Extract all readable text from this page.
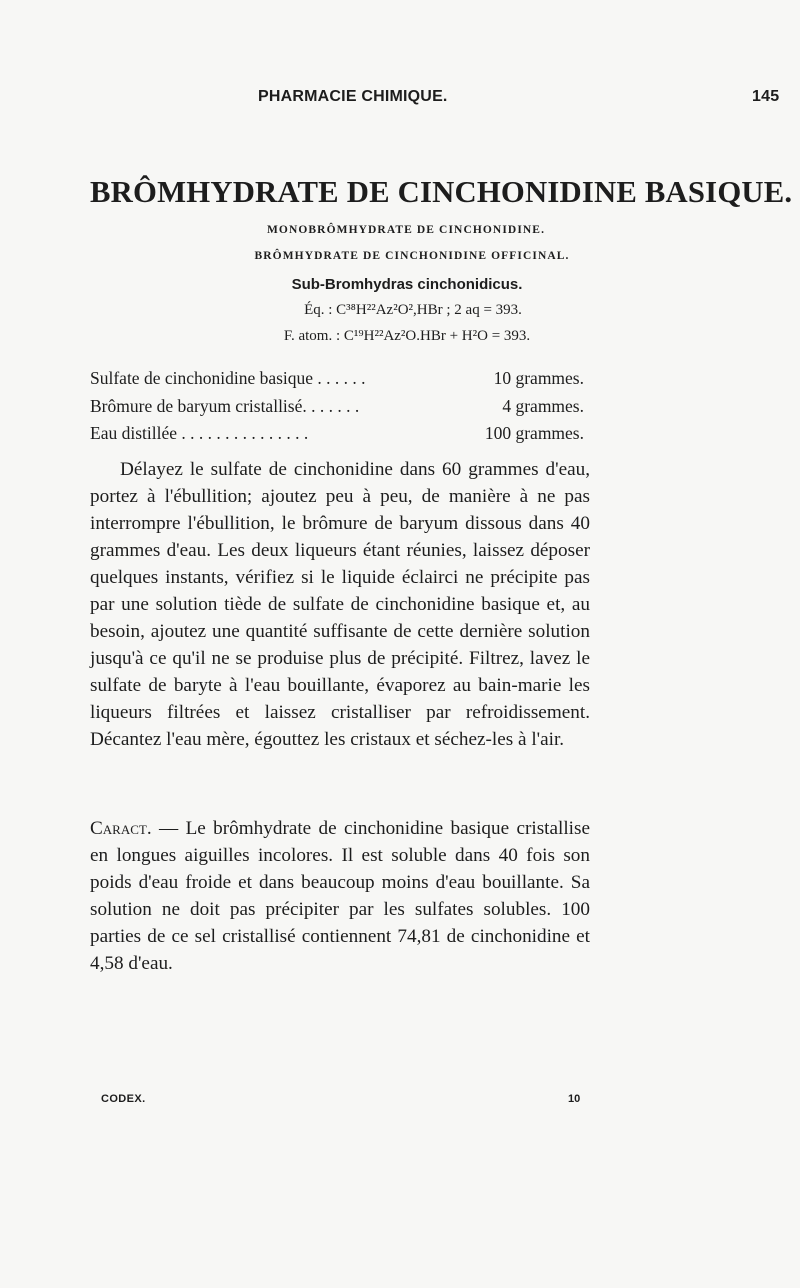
PHARMACIE CHIMIQUE.	145
BRÔMHYDRATE DE CINCHONIDINE BASIQUE.
MONOBRÔMHYDRATE DE CINCHONIDINE.
BRÔMHYDRATE DE CINCHONIDINE OFFICINAL.
Sub-Bromhydras cinchonidicus.
Éq. : C³⁸H²²Az²O²,HBr ; 2 aq = 393.
F. atom. : C¹⁹H²²Az²O.HBr + H²O = 393.
Sulfate de cinchonidine basique . . . . . .	10 grammes.
Brômure de baryum cristallisé. . . . . . .	4 grammes.
Eau distillée . . . . . . . . . . . . . . .	100 grammes.

Délayez le sulfate de cinchonidine dans 60 grammes d'eau, portez à l'ébullition; ajoutez peu à peu, de manière à ne pas interrompre l'ébullition, le brômure de baryum dissous dans 40 grammes d'eau. Les deux liqueurs étant réunies, laissez déposer quelques instants, vérifiez si le liquide éclairci ne précipite pas par une solution tiède de sulfate de cinchonidine basique et, au besoin, ajoutez une quantité suffisante de cette dernière solution jusqu'à ce qu'il ne se produise plus de précipité. Filtrez, lavez le sulfate de baryte à l'eau bouillante, évaporez au bain-marie les liqueurs filtrées et laissez cristalliser par refroidissement. Décantez l'eau mère, égouttez les cristaux et séchez-les à l'air.

Caract. — Le brômhydrate de cinchonidine basique cristallise en longues aiguilles incolores. Il est soluble dans 40 fois son poids d'eau froide et dans beaucoup moins d'eau bouillante. Sa solution ne doit pas précipiter par les sulfates solubles. 100 parties de ce sel cristallisé contiennent 74,81 de cinchonidine et 4,58 d'eau.

CODEX.	10
